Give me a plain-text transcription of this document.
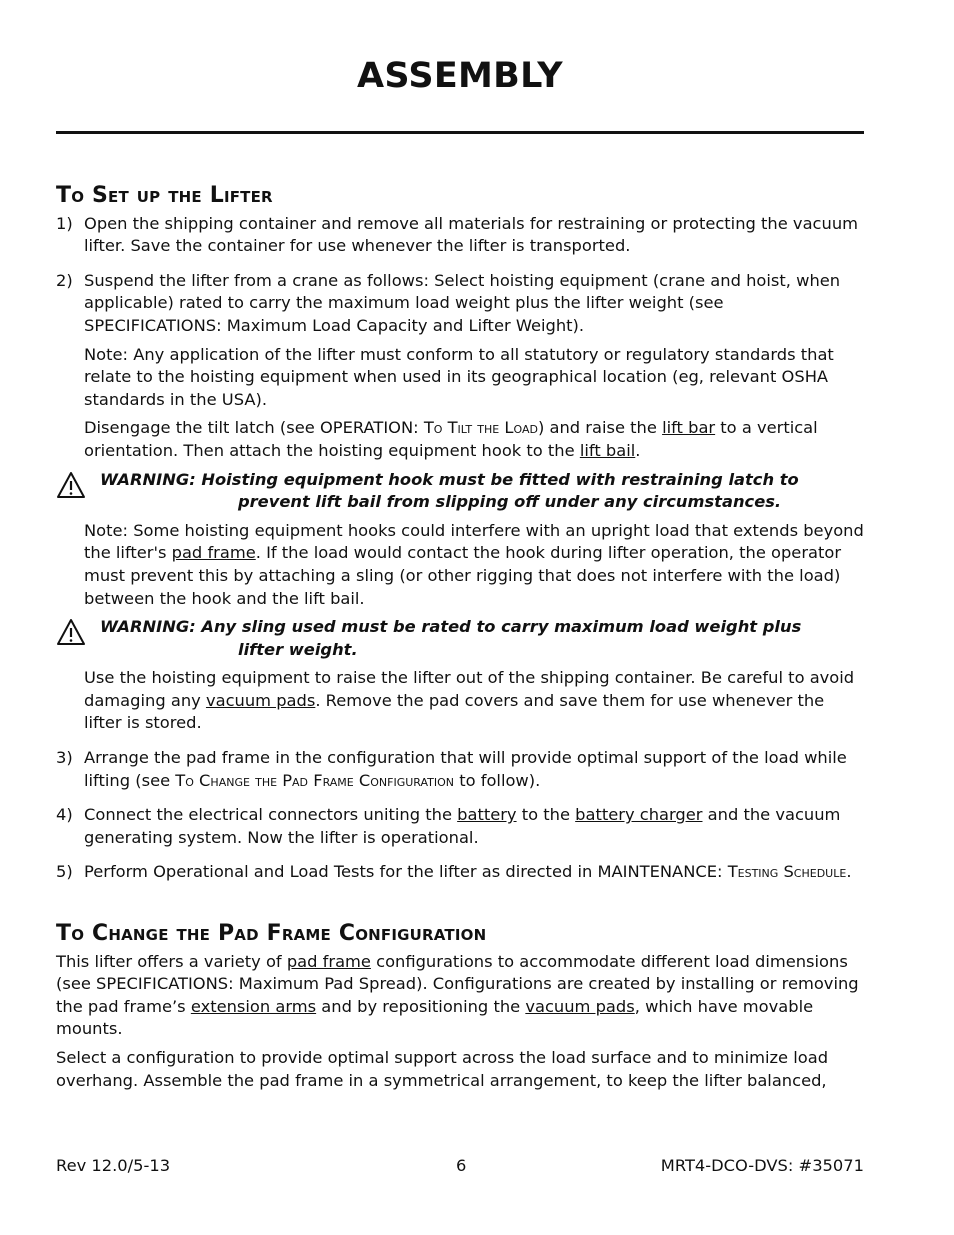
ASSEMBLY
To Set up the Lifter
1) Open the shipping container and remove all materials for restraining or protecting the vacuum lifter. Save the container for use whenever the lifter is transported.
2) Suspend the lifter from a crane as follows: Select hoisting equipment (crane and hoist, when applicable) rated to carry the maximum load weight plus the lifter weight (see SPECIFICATIONS: Maximum Load Capacity and Lifter Weight).
Note: Any application of the lifter must conform to all statutory or regulatory standards that relate to the hoisting equipment when used in its geographical location (eg, relevant OSHA standards in the USA).
Disengage the tilt latch (see OPERATION: To Tilt the Load) and raise the lift bar to a vertical orientation. Then attach the hoisting equipment hook to the lift bail.
WARNING: Hoisting equipment hook must be fitted with restraining latch to
prevent lift bail from slipping off under any circumstances.
Note: Some hoisting equipment hooks could interfere with an upright load that extends beyond the lifter's pad frame. If the load would contact the hook during lifter operation, the operator must prevent this by attaching a sling (or other rigging that does not interfere with the load) between the hook and the lift bail.
WARNING: Any sling used must be rated to carry maximum load weight plus
lifter weight.
Use the hoisting equipment to raise the lifter out of the shipping container. Be careful to avoid damaging any vacuum pads. Remove the pad covers and save them for use whenever the lifter is stored.
3) Arrange the pad frame in the configuration that will provide optimal support of the load while lifting (see To Change the Pad Frame Configuration to follow).
4) Connect the electrical connectors uniting the battery to the battery charger and the vacuum generating system. Now the lifter is operational.
5) Perform Operational and Load Tests for the lifter as directed in MAINTENANCE: Testing Schedule.
To Change the Pad Frame Configuration
This lifter offers a variety of pad frame configurations to accommodate different load dimensions (see SPECIFICATIONS: Maximum Pad Spread). Configurations are created by installing or removing the pad frame’s extension arms and by repositioning the vacuum pads, which have movable mounts.
Select a configuration to provide optimal support across the load surface and to minimize load overhang. Assemble the pad frame in a symmetrical arrangement, to keep the lifter balanced,
Rev 12.0/5-13	6	MRT4-DCO-DVS: #35071
